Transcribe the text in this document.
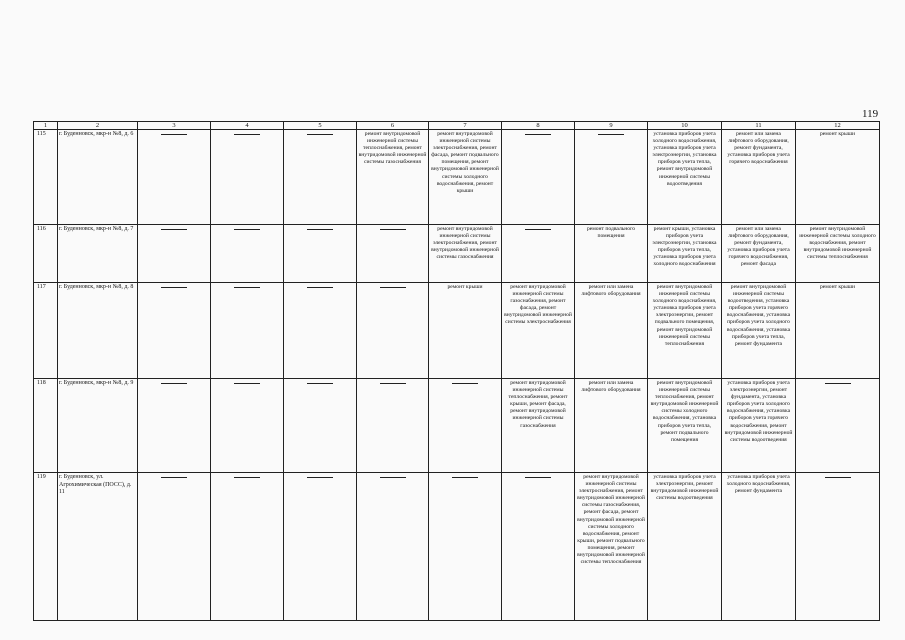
119
1	2	3	4	5	6	7	8	9	10	11	12
115	г. Буденновск, мкр-н №8, д. 6				ремонт внутридомовой инженерной системы теплоснабжения, ремонт внутридомовой инженерной системы газоснабжения	ремонт внутридомовой инженерной системы электроснабжения, ремонт фасада, ремонт подвального помещения, ремонт внутридомовой инженерной системы холодного водоснабжения, ремонт крыши			установка приборов учета холодного водоснабжения, установка приборов учета электроэнергии, установка приборов учета тепла, ремонт внутридомовой инженерной системы водоотведения	ремонт или замена лифтового оборудования, ремонт фундамента, установка приборов учета горячего водоснабжения	ремонт крыши
116	г. Буденновск, мкр-н №8, д. 7					ремонт внутридомовой инженерной системы электроснабжения, ремонт внутридомовой инженерной системы газоснабжения		ремонт подвального помещения	ремонт крыши, установка приборов учета электроэнергии, установка приборов учета тепла, установка приборов учета холодного водоснабжения	ремонт или замена лифтового оборудования, ремонт фундамента, установка приборов учета горячего водоснабжения, ремонт фасада	ремонт внутридомовой инженерной системы холодного водоснабжения, ремонт внутридомовой инженерной системы теплоснабжения
117	г. Буденновск, мкр-н №8, д. 8					ремонт крыши	ремонт внутридомовой инженерной системы газоснабжения, ремонт фасада, ремонт внутридомовой инженерной системы электроснабжения	ремонт или замена лифтового оборудования	ремонт внутридомовой инженерной системы холодного водоснабжения, установка приборов учета электроэнергии, ремонт подвального помещения, ремонт внутридомовой инженерной системы теплоснабжения	ремонт внутридомовой инженерной системы водоотведения, установка приборов учета горячего водоснабжения, установка приборов учета холодного водоснабжения, установка приборов учета тепла, ремонт фундамента	ремонт крыши
118	г. Буденновск, мкр-н №8, д. 9						ремонт внутридомовой инженерной системы теплоснабжения, ремонт крыши, ремонт фасада, ремонт внутридомовой инженерной системы газоснабжения	ремонт или замена лифтового оборудования	ремонт внутридомовой инженерной системы теплоснабжения, ремонт внутридомовой инженерной системы холодного водоснабжения, установка приборов учета тепла, ремонт подвального помещения	установка приборов учета электроэнергии, ремонт фундамента, установка приборов учета холодного водоснабжения, установка приборов учета горячего водоснабжения, ремонт внутридомовой инженерной системы водоотведения	

119	г. Буденновск, ул. Агрохимическая (ПОСС), д. 11							ремонт внутридомовой инженерной системы электроснабжения, ремонт внутридомовой инженерной системы газоснабжения, ремонт фасада, ремонт внутридомовой инженерной системы холодного водоснабжения, ремонт крыши, ремонт подвального помещения, ремонт внутридомовой инженерной системы теплоснабжения	установка приборов учета электроэнергии, ремонт внутридомовой инженерной системы водоотведения	установка приборов учета холодного водоснабжения, ремонт фундамента	
